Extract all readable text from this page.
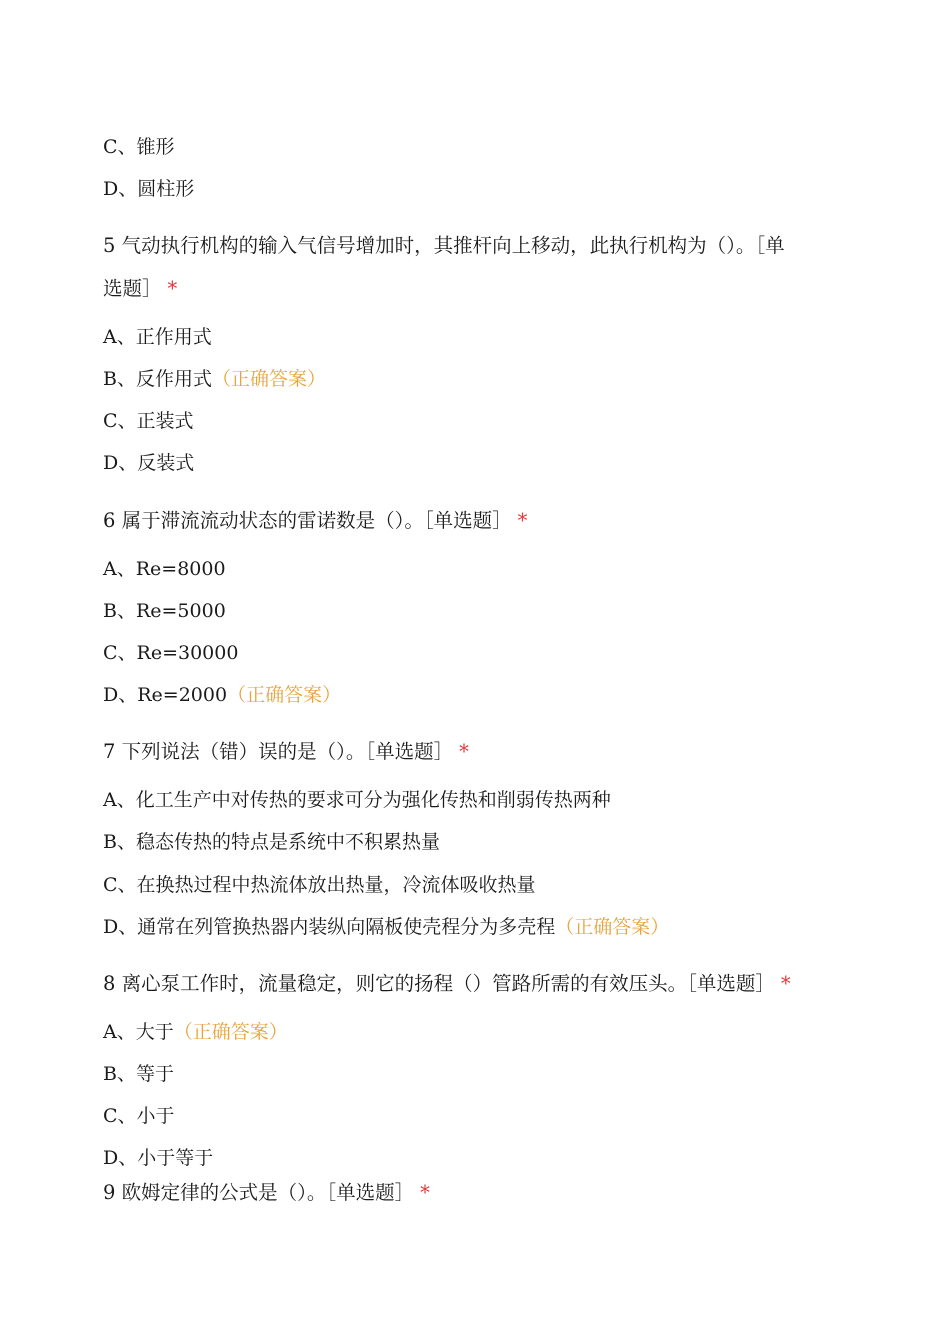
C、锥形
D、圆柱形
5 气动执行机构的输入气信号增加时，其推杆向上移动，此执行机构为（）。［单
选题］ *
A、正作用式
B、反作用式（正确答案）
C、正装式
D、反装式
6 属于滞流流动状态的雷诺数是（）。［单选题］ *
A、Re=8000
B、Re=5000
C、Re=30000
D、Re=2000（正确答案）
7 下列说法（错）误的是（）。［单选题］ *
A、化工生产中对传热的要求可分为强化传热和削弱传热两种
B、稳态传热的特点是系统中不积累热量
C、在换热过程中热流体放出热量，冷流体吸收热量
D、通常在列管换热器内装纵向隔板使壳程分为多壳程（正确答案）
8 离心泵工作时，流量稳定，则它的扬程（）管路所需的有效压头。［单选题］ *
A、大于（正确答案）
B、等于
C、小于
D、小于等于
9 欧姆定律的公式是（）。［单选题］ *
